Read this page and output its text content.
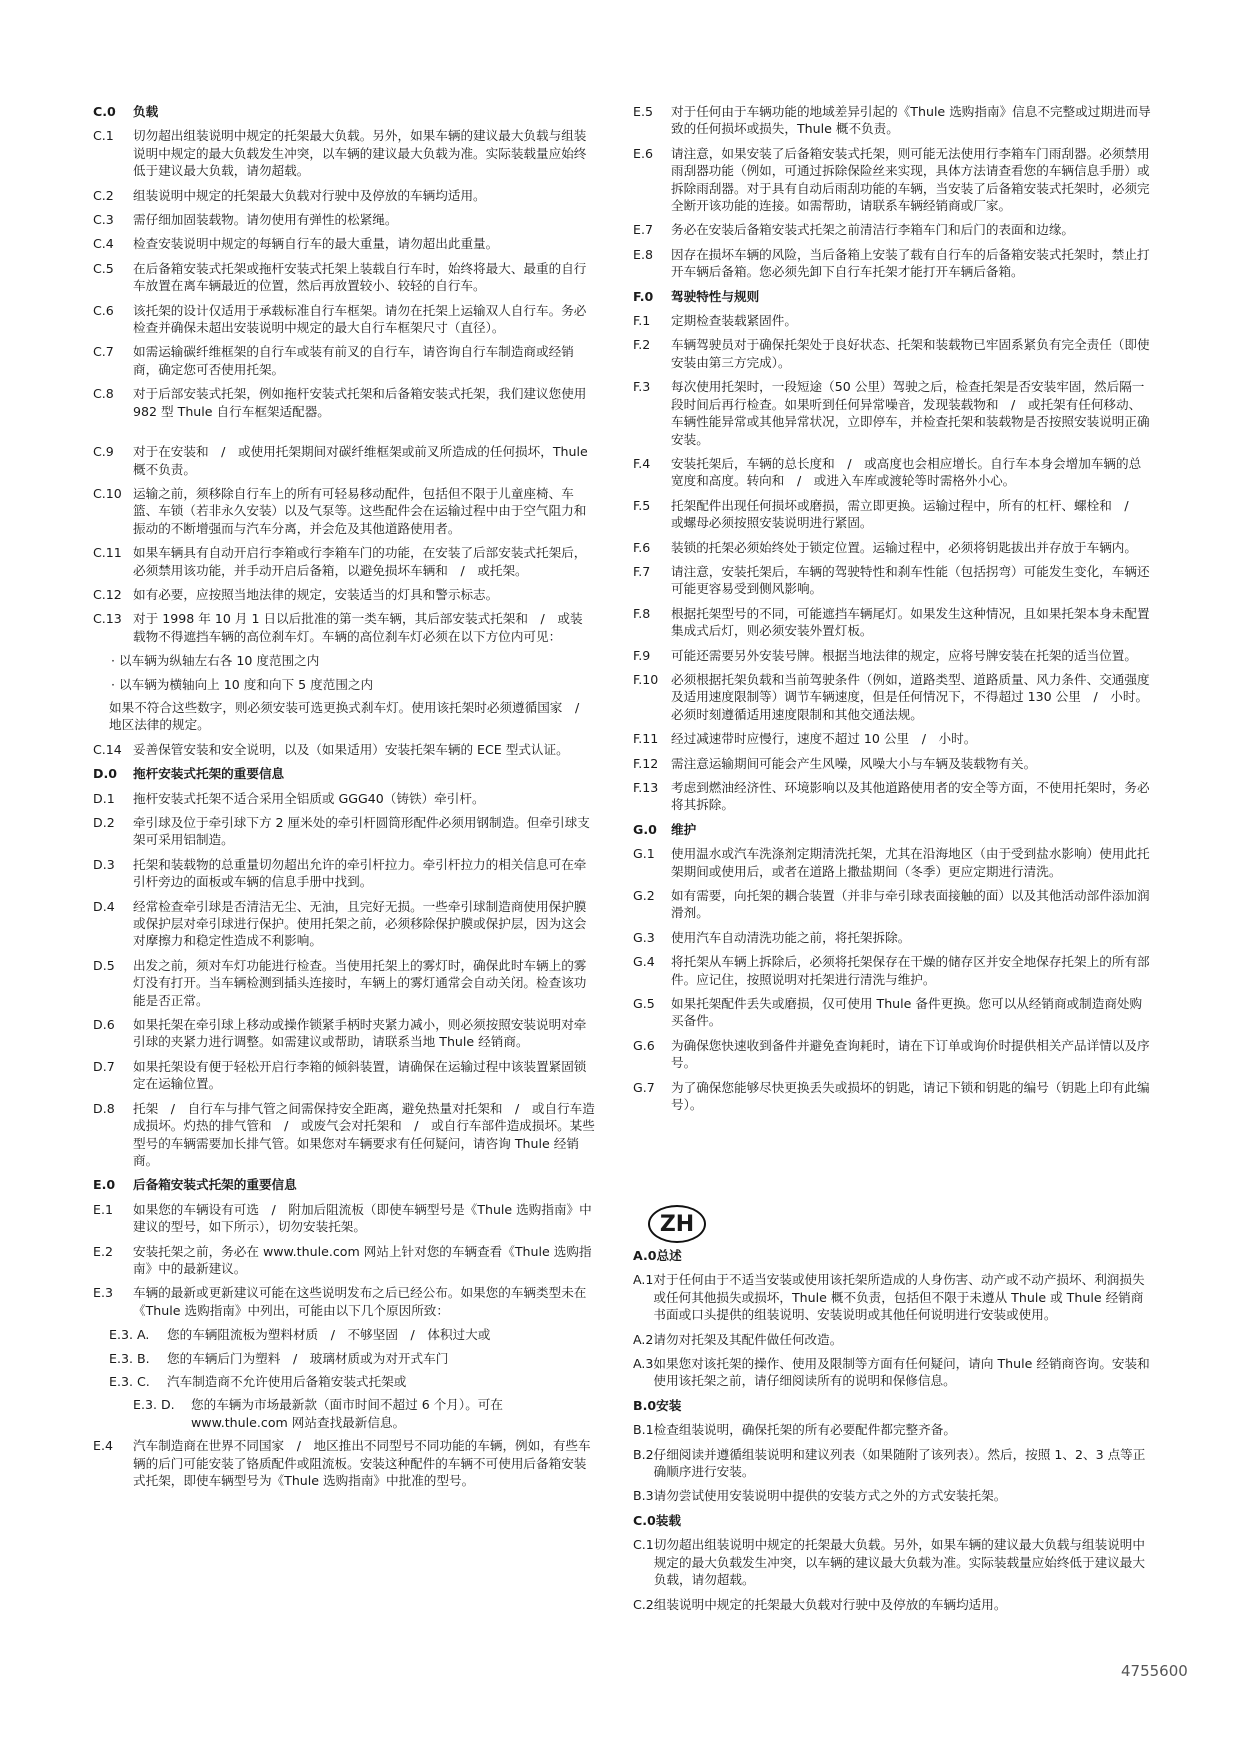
C.0	负载
C.1	切勿超出组装说明中规定的托架最大负载。另外，如果车辆的建议最大负载与组装说明中规定的最大负载发生冲突，以车辆的建议最大负载为准。实际装载量应始终低于建议最大负载，请勿超载。
C.2	组装说明中规定的托架最大负载对行驶中及停放的车辆均适用。
C.3	需仔细加固装载物。请勿使用有弹性的松紧绳。
C.4	检查安装说明中规定的每辆自行车的最大重量，请勿超出此重量。
C.5	在后备箱安装式托架或拖杆安装式托架上装载自行车时，始终将最大、最重的自行车放置在离车辆最近的位置，然后再放置较小、较轻的自行车。
C.6	该托架的设计仅适用于承载标准自行车框架。请勿在托架上运输双人自行车。务必检查并确保未超出安装说明中规定的最大自行车框架尺寸（直径）。
C.7	如需运输碳纤维框架的自行车或装有前叉的自行车，请咨询自行车制造商或经销商，确定您可否使用托架。
C.8	对于后部安装式托架，例如拖杆安装式托架和后备箱安装式托架，我们建议您使用 982 型 Thule 自行车框架适配器。
C.9	对于在安装和　/　或使用托架期间对碳纤维框架或前叉所造成的任何损坏，Thule 概不负责。
C.10 运输之前，须移除自行车上的所有可轻易移动配件，包括但不限于儿童座椅、车篮、车锁（若非永久安装）以及气泵等。这些配件会在运输过程中由于空气阻力和振动的不断增强而与汽车分离，并会危及其他道路使用者。
C.11 如果车辆具有自动开启行李箱或行李箱车门的功能，在安装了后部安装式托架后，必须禁用该功能，并手动开启后备箱，以避免损坏车辆和　/　或托架。
C.12 如有必要，应按照当地法律的规定，安装适当的灯具和警示标志。
C.13 对于 1998 年 10 月 1 日以后批准的第一类车辆，其后部安装式托架和　/　或装载物不得遮挡车辆的高位刹车灯。车辆的高位刹车灯必须在以下方位内可见：
· 以车辆为纵轴左右各 10 度范围之内
· 以车辆为横轴向上 10 度和向下 5 度范围之内
如果不符合这些数字，则必须安装可选更换式刹车灯。使用该托架时必须遵循国家　/　地区法律的规定。
C.14 妥善保管安装和安全说明，以及（如果适用）安装托架车辆的 ECE 型式认证。
D.0	拖杆安装式托架的重要信息
D.1	拖杆安装式托架不适合采用全铝质或 GGG40（铸铁）牵引杆。
D.2	牵引球及位于牵引球下方 2 厘米处的牵引杆圆筒形配件必须用钢制造。但牵引球支架可采用铝制造。
D.3	托架和装载物的总重量切勿超出允许的牵引杆拉力。牵引杆拉力的相关信息可在牵引杆旁边的面板或车辆的信息手册中找到。
D.4	经常检查牵引球是否清洁无尘、无油，且完好无损。一些牵引球制造商使用保护膜或保护层对牵引球进行保护。使用托架之前，必须移除保护膜或保护层，因为这会对摩擦力和稳定性造成不利影响。
D.5	出发之前，须对车灯功能进行检查。当使用托架上的雾灯时，确保此时车辆上的雾灯没有打开。当车辆检测到插头连接时，车辆上的雾灯通常会自动关闭。检查该功能是否正常。
D.6	如果托架在牵引球上移动或操作锁紧手柄时夹紧力减小，则必须按照安装说明对牵引球的夹紧力进行调整。如需建议或帮助，请联系当地 Thule 经销商。
D.7	如果托架设有便于轻松开启行李箱的倾斜装置，请确保在运输过程中该装置紧固锁定在运输位置。
D.8	托架　/　自行车与排气管之间需保持安全距离，避免热量对托架和　/　或自行车造成损坏。灼热的排气管和　/　或废气会对托架和　/　或自行车部件造成损坏。某些型号的车辆需要加长排气管。如果您对车辆要求有任何疑问，请咨询 Thule 经销商。
E.0	后备箱安装式托架的重要信息
E.1	如果您的车辆设有可选　/　附加后阻流板（即使车辆型号是《Thule 选购指南》中建议的型号，如下所示），切勿安装托架。
E.2	安装托架之前，务必在 www.thule.com 网站上针对您的车辆查看《Thule 选购指南》中的最新建议。
E.3	车辆的最新或更新建议可能在这些说明发布之后已经公布。如果您的车辆类型未在《Thule 选购指南》中列出，可能由以下几个原因所致：
E.3. A.	您的车辆阻流板为塑料材质　/　不够坚固　/　体积过大或
E.3. B.	您的车辆后门为塑料　/　玻璃材质或为对开式车门
E.3. C.	汽车制造商不允许使用后备箱安装式托架或
E.3. D.	您的车辆为市场最新款（面市时间不超过 6 个月）。可在 www.thule.com 网站查找最新信息。
E.4	汽车制造商在世界不同国家　/　地区推出不同型号不同功能的车辆，例如，有些车辆的后门可能安装了铬质配件或阻流板。安装这种配件的车辆不可使用后备箱安装式托架，即使车辆型号为《Thule 选购指南》中批准的型号。
E.5	对于任何由于车辆功能的地域差异引起的《Thule 选购指南》信息不完整或过期进而导致的任何损坏或损失，Thule 概不负责。
E.6	请注意，如果安装了后备箱安装式托架，则可能无法使用行李箱车门雨刮器。必须禁用雨刮器功能（例如，可通过拆除保险丝来实现，具体方法请查看您的车辆信息手册）或拆除雨刮器。对于具有自动后雨刮功能的车辆，当安装了后备箱安装式托架时，必须完全断开该功能的连接。如需帮助，请联系车辆经销商或厂家。
E.7	务必在安装后备箱安装式托架之前清洁行李箱车门和后门的表面和边缘。
E.8	因存在损坏车辆的风险，当后备箱上安装了载有自行车的后备箱安装式托架时，禁止打开车辆后备箱。您必须先卸下自行车托架才能打开车辆后备箱。
F.0	驾驶特性与规则
F.1	定期检查装载紧固件。
F.2	车辆驾驶员对于确保托架处于良好状态、托架和装载物已牢固系紧负有完全责任（即使安装由第三方完成）。
F.3	每次使用托架时，一段短途（50 公里）驾驶之后，检查托架是否安装牢固，然后隔一段时间后再行检查。如果听到任何异常噪音，发现装载物和　/　或托架有任何移动、车辆性能异常或其他异常状况，立即停车，并检查托架和装载物是否按照安装说明正确安装。
F.4	安装托架后，车辆的总长度和　/　或高度也会相应增长。自行车本身会增加车辆的总宽度和高度。转向和　/　或进入车库或渡轮等时需格外小心。
F.5	托架配件出现任何损坏或磨损，需立即更换。运输过程中，所有的杠杆、螺栓和　/　或螺母必须按照安装说明进行紧固。
F.6	装锁的托架必须始终处于锁定位置。运输过程中，必须将钥匙拔出并存放于车辆内。
F.7	请注意，安装托架后，车辆的驾驶特性和刹车性能（包括拐弯）可能发生变化，车辆还可能更容易受到侧风影响。
F.8	根据托架型号的不同，可能遮挡车辆尾灯。如果发生这种情况，且如果托架本身未配置集成式后灯，则必须安装外置灯板。
F.9	可能还需要另外安装号牌。根据当地法律的规定，应将号牌安装在托架的适当位置。
F.10	必须根据托架负载和当前驾驶条件（例如，道路类型、道路质量、风力条件、交通强度及适用速度限制等）调节车辆速度，但是任何情况下，不得超过 130 公里　/　小时。必须时刻遵循适用速度限制和其他交通法规。
F.11	经过减速带时应慢行，速度不超过 10 公里　/　小时。
F.12	需注意运输期间可能会产生风噪，风噪大小与车辆及装载物有关。
F.13	考虑到燃油经济性、环境影响以及其他道路使用者的安全等方面，不使用托架时，务必将其拆除。
G.0	维护
G.1	使用温水或汽车洗涤剂定期清洗托架，尤其在沿海地区（由于受到盐水影响）使用此托架期间或使用后，或者在道路上撒盐期间（冬季）更应定期进行清洗。
G.2	如有需要，向托架的耦合装置（并非与牵引球表面接触的面）以及其他活动部件添加润滑剂。
G.3	使用汽车自动清洗功能之前，将托架拆除。
G.4	将托架从车辆上拆除后，必须将托架保存在干燥的储存区并安全地保存托架上的所有部件。应记住，按照说明对托架进行清洗与维护。
G.5	如果托架配件丢失或磨损，仅可使用 Thule 备件更换。您可以从经销商或制造商处购买备件。
G.6	为确保您快速收到备件并避免查询耗时，请在下订单或询价时提供相关产品详情以及序号。
G.7	为了确保您能够尽快更换丢失或损坏的钥匙，请记下锁和钥匙的编号（钥匙上印有此编号）。
ZH
A.0 总述
A.1 对于任何由于不适当安装或使用该托架所造成的人身伤害、动产或不动产损坏、利润损失或任何其他损失或损坏，Thule 概不负责，包括但不限于未遵从 Thule 或 Thule 经销商书面或口头提供的组装说明、安装说明或其他任何说明进行安装或使用。
A.2 请勿对托架及其配件做任何改造。
A.3 如果您对该托架的操作、使用及限制等方面有任何疑问，请向 Thule 经销商咨询。安装和使用该托架之前，请仔细阅读所有的说明和保修信息。
B.0 安装
B.1 检查组装说明，确保托架的所有必要配件都完整齐备。
B.2 仔细阅读并遵循组装说明和建议列表（如果随附了该列表）。然后，按照 1、2、3 点等正确顺序进行安装。
B.3 请勿尝试使用安装说明中提供的安装方式之外的方式安装托架。
C.0 装载
C.1 切勿超出组装说明中规定的托架最大负载。另外，如果车辆的建议最大负载与组装说明中规定的最大负载发生冲突，以车辆的建议最大负载为准。实际装载量应始终低于建议最大负载，请勿超载。
C.2 组装说明中规定的托架最大负载对行驶中及停放的车辆均适用。
4755600
